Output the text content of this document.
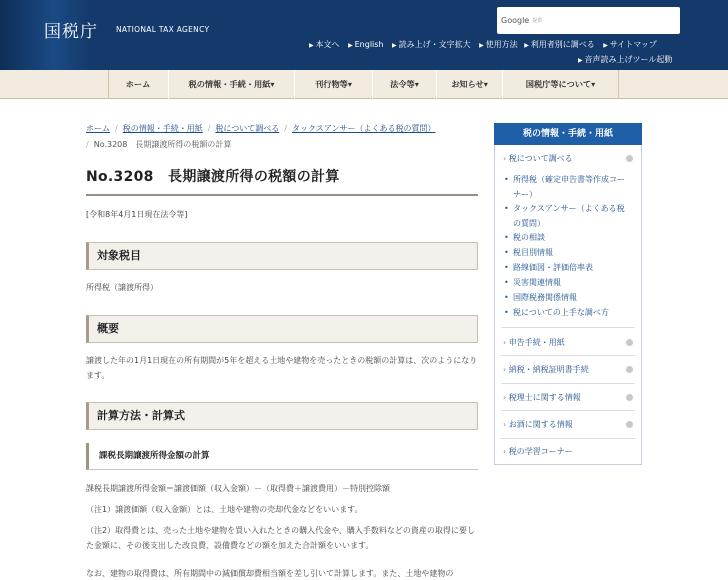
国税庁 NATIONAL TAX AGENCY
Google 提供
▶ 本文へ ▶ English ▶ 読み上げ・文字拡大 ▶ 使用方法 ▶ 利用者別に調べる ▶ サイトマップ
▶ 音声読み上げツール起動
ホーム	税の情報・手続・用紙▾	刊行物等▾	法令等▾	お知らせ▾	国税庁等について▾
ホーム / 税の情報・手続・用紙 / 税について調べる / タックスアンサー（よくある税の質問）
/ No.3208　長期譲渡所得の税額の計算
No.3208　長期譲渡所得の税額の計算
[令和8年4月1日現在法令等]
対象税目
所得税（譲渡所得）
概要
譲渡した年の1月1日現在の所有期間が5年を超える土地や建物を売ったときの税額の計算は、次のようになります。
計算方法・計算式
課税長期譲渡所得金額の計算
課税長期譲渡所得金額＝譲渡価額（収入金額）－（取得費＋譲渡費用）－特別控除額
（注1）譲渡価額（収入金額）とは、土地や建物の売却代金などをいいます。
（注2）取得費とは、売った土地や建物を買い入れたときの購入代金や、購入手数料などの資産の取得に要した金額に、その後支出した改良費、設備費などの額を加えた合計額をいいます。
なお、建物の取得費は、所有期間中の減価償却費相当額を差し引いて計算します。また、土地や建物の
税の情報・手続・用紙
› 税について調べる
• 所得税（確定申告書等作成コーナー）
• タックスアンサー（よくある税の質問）
• 税の相談
• 税目別情報
• 路線価図・評価倍率表
• 災害関連情報
• 国際税務関係情報
• 税についての上手な調べ方
› 申告手続・用紙
› 納税・納税証明書手続
› 税理士に関する情報
› お酒に関する情報
› 税の学習コーナー
